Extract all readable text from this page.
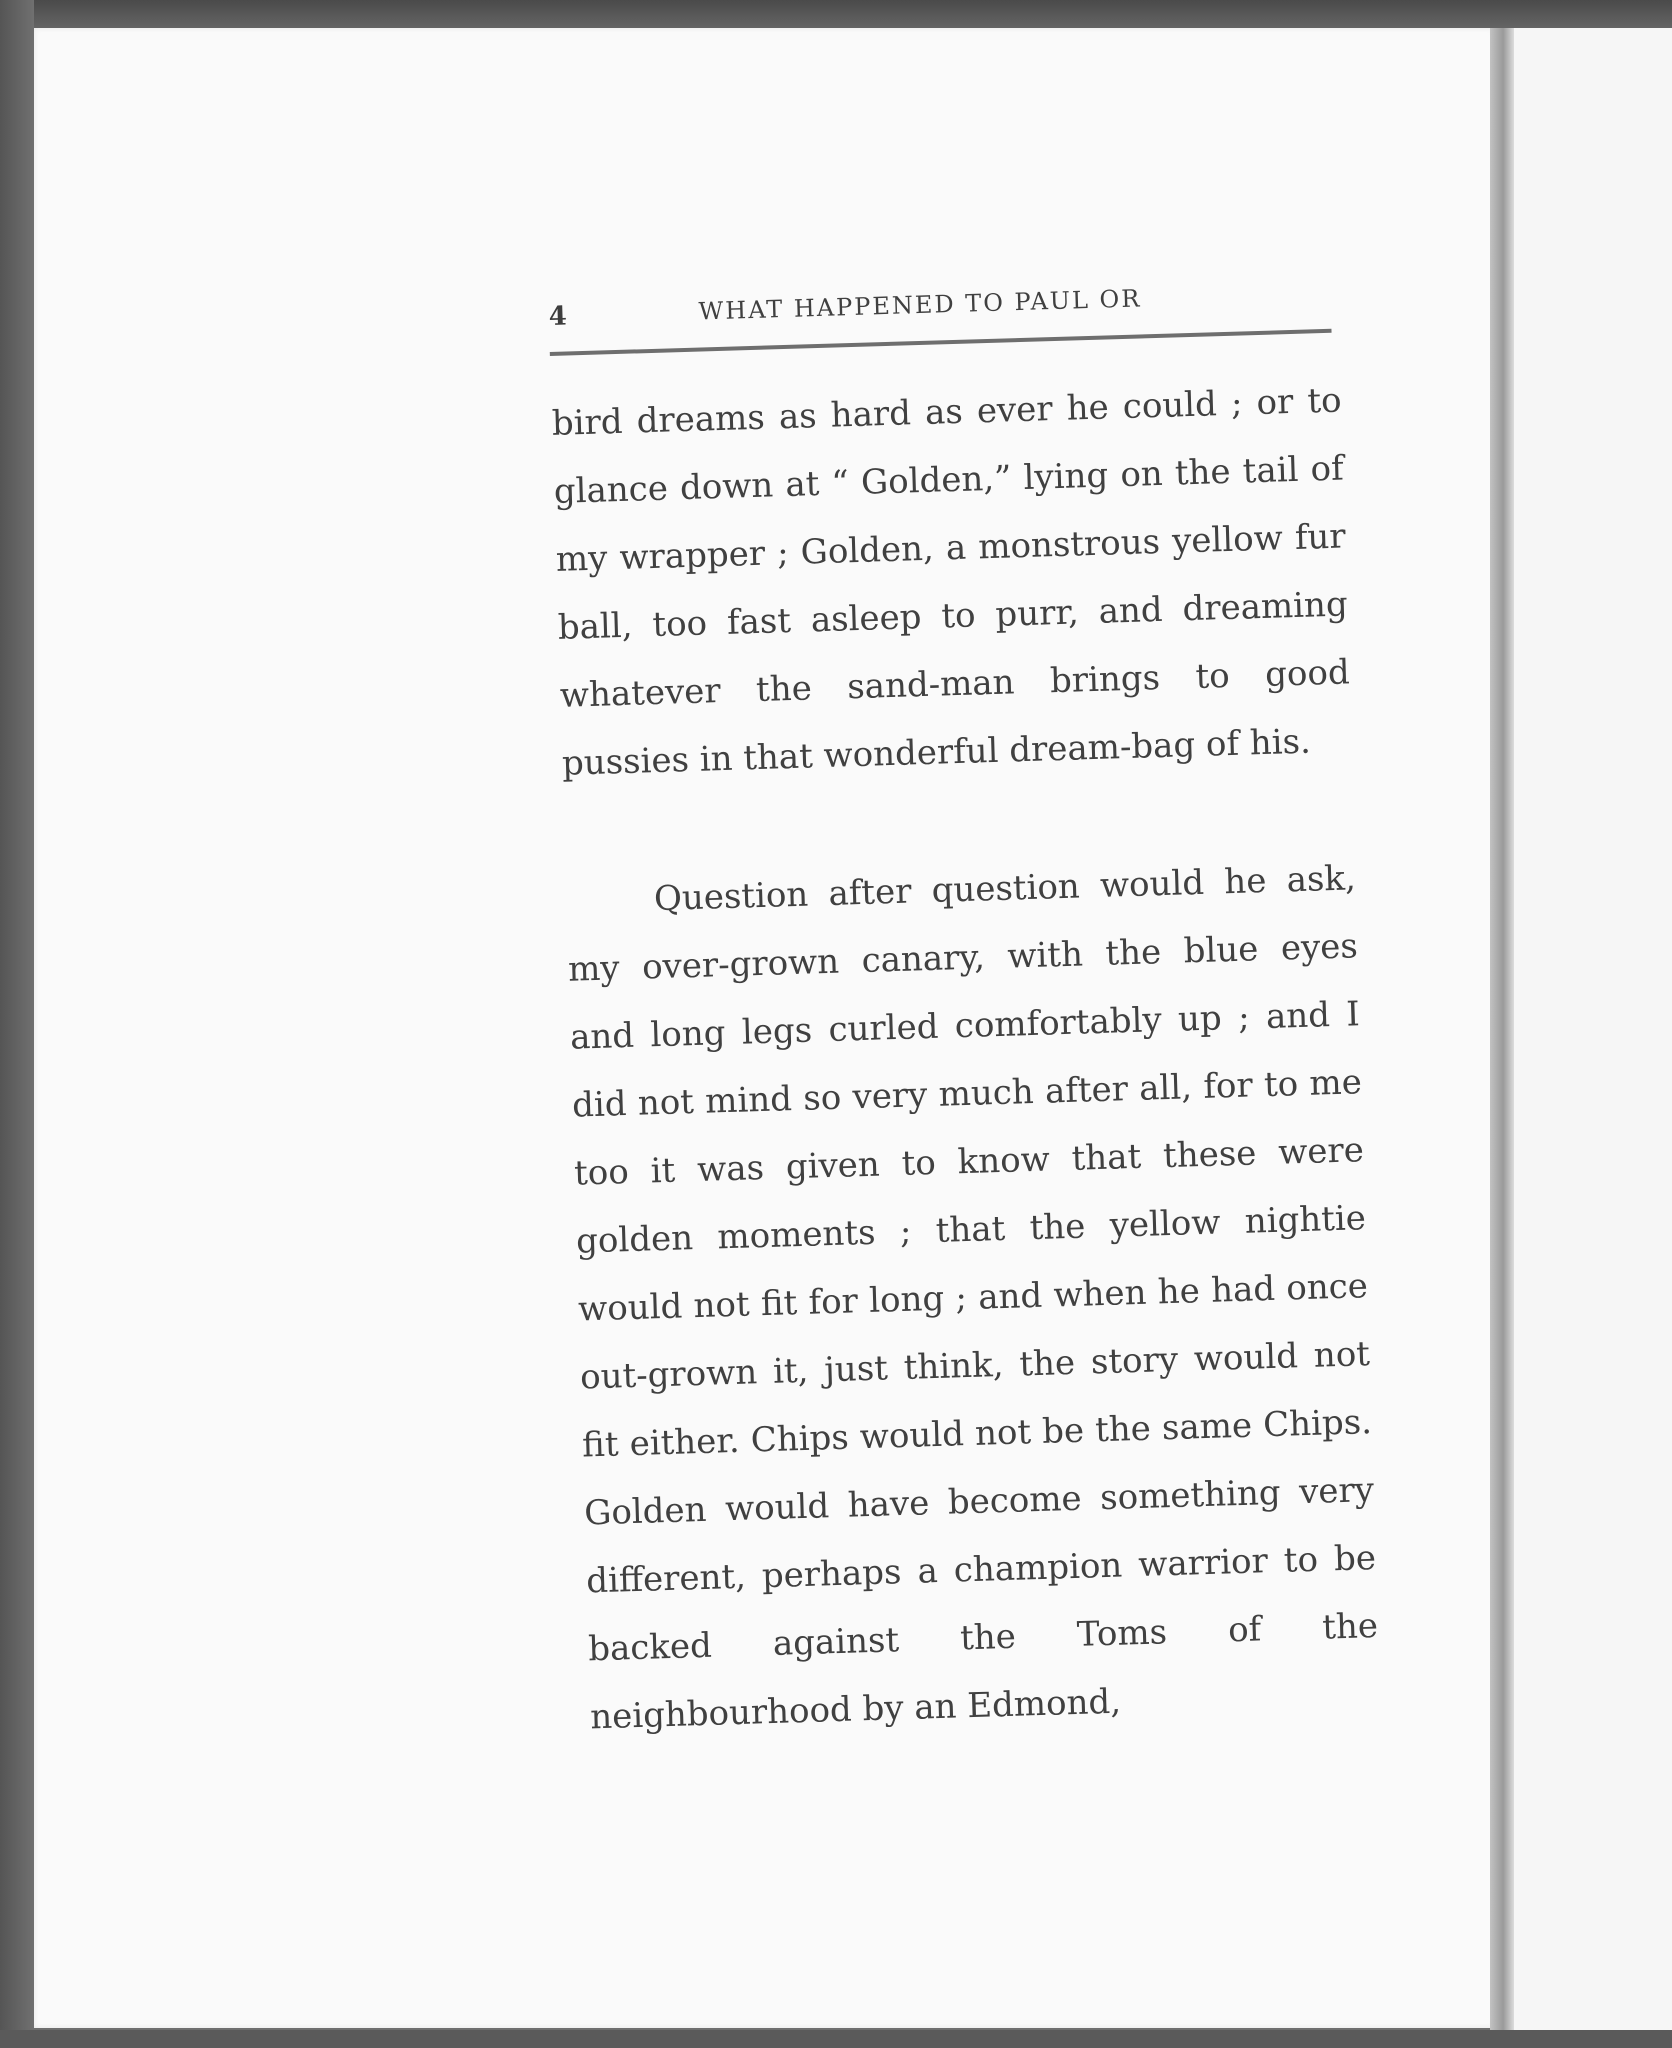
4	WHAT HAPPENED TO PAUL OR

bird dreams as hard as ever he could ; or to glance down at “ Golden,” lying on the tail of my wrapper ; Golden, a monstrous yellow fur ball, too fast asleep to purr, and dreaming whatever the sand-man brings to good pussies in that wonderful dream-bag of his.

Question after question would he ask, my over-grown canary, with the blue eyes and long legs curled comfortably up ; and I did not mind so very much after all, for to me too it was given to know that these were golden moments ; that the yellow nightie would not fit for long ; and when he had once out-grown it, just think, the story would not fit either. Chips would not be the same Chips. Golden would have become something very different, perhaps a champion warrior to be backed against the Toms of the neighbourhood by an Edmond,
